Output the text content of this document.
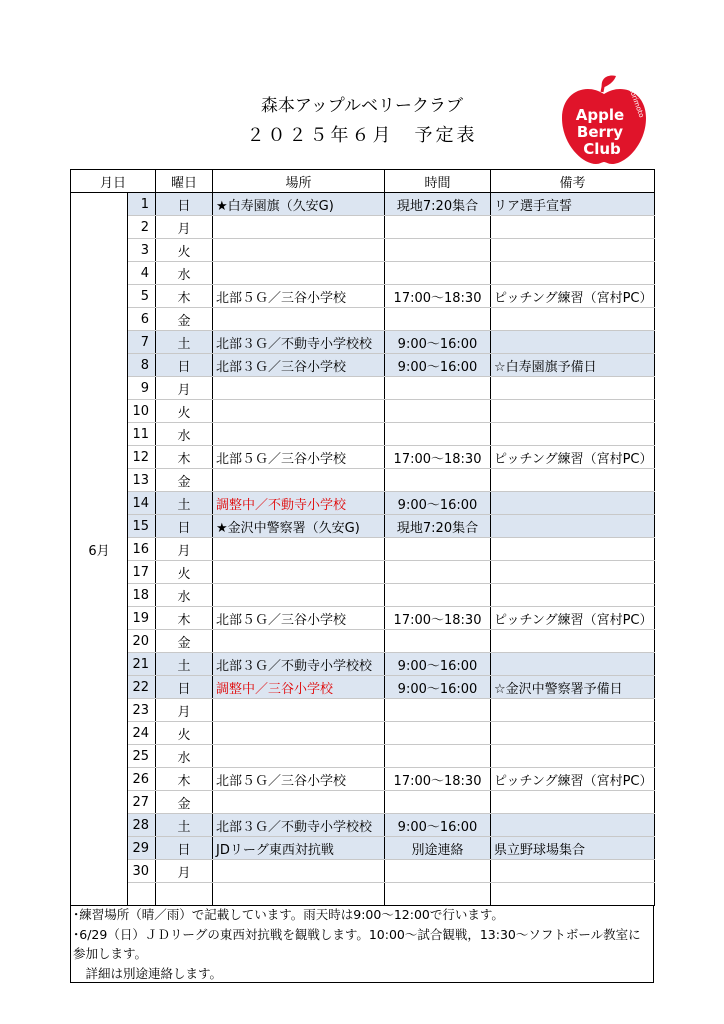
森本アップルベリークラブ
２０２５年６月　予定表
Apple
Berry
Club
morimoto
月日		曜日	場所	時間	備考
6月	1	日	★白寿園旗（久安G)	現地7:20集合	リア選手宣誓
	2	月			
	3	火			
	4	水			
	5	木	北部５Ｇ／三谷小学校	17:00～18:30	ピッチング練習（宮村PC）
	6	金			
	7	土	北部３Ｇ／不動寺小学校校	9:00～16:00	
	8	日	北部３Ｇ／三谷小学校	9:00～16:00	☆白寿園旗予備日
	9	月			
	10	火			
	11	水			
	12	木	北部５Ｇ／三谷小学校	17:00～18:30	ピッチング練習（宮村PC）
	13	金			
	14	土	調整中／不動寺小学校	9:00～16:00	
	15	日	★金沢中警察署（久安G)	現地7:20集合	
	16	月			
	17	火			
	18	水			
	19	木	北部５Ｇ／三谷小学校	17:00～18:30	ピッチング練習（宮村PC）
	20	金			
	21	土	北部３Ｇ／不動寺小学校校	9:00～16:00	
	22	日	調整中／三谷小学校	9:00～16:00	☆金沢中警察署予備日
	23	月			
	24	火			
	25	水			
	26	木	北部５Ｇ／三谷小学校	17:00～18:30	ピッチング練習（宮村PC）
	27	金			
	28	土	北部３Ｇ／不動寺小学校校	9:00～16:00	
	29	日	JDリーグ東西対抗戦	別途連絡	県立野球場集合
	30	月			

･練習場所（晴／雨）で記載しています。雨天時は9:00～12:00で行います。
･6/29（日）ＪＤリーグの東西対抗戦を観戦します。10:00～試合観戦，13:30～ソフトボール教室に参加します。
　詳細は別途連絡します。
